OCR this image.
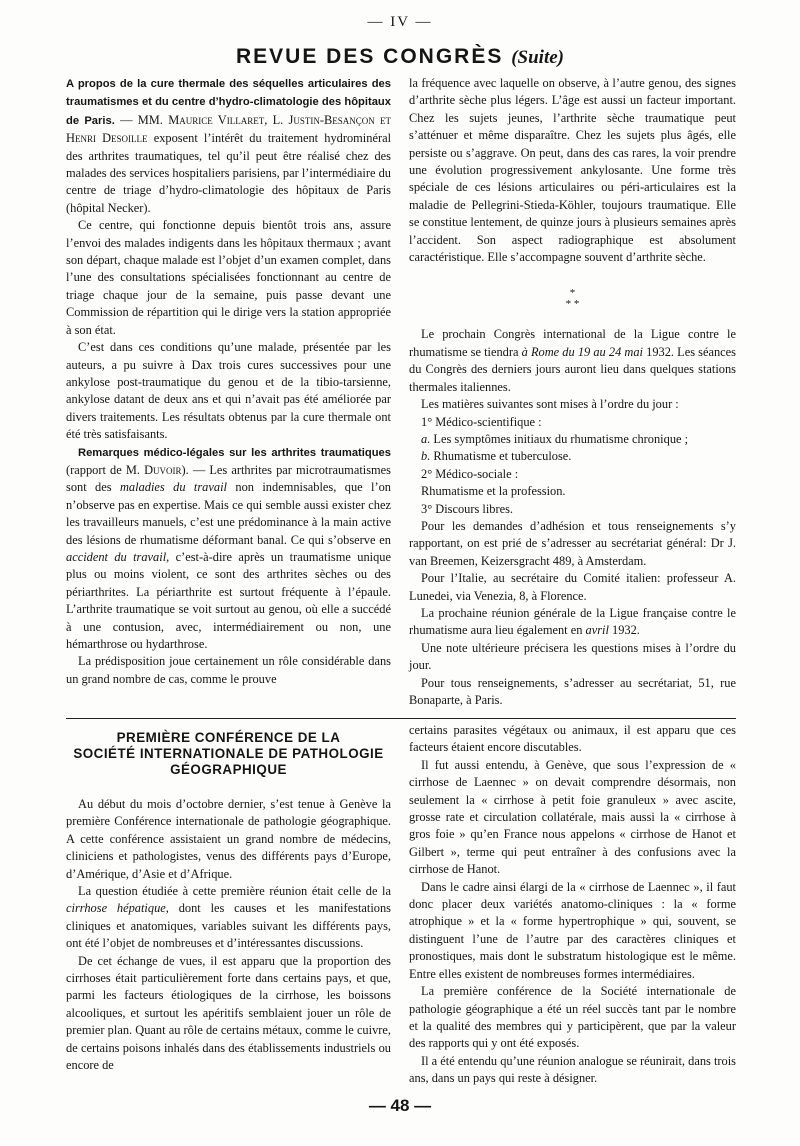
— IV —
REVUE DES CONGRÈS (Suite)

A propos de la cure thermale des séquelles articulaires des traumatismes et du centre d’hydro-climatologie des hôpitaux de Paris. — MM. Maurice Villaret, L. Justin-Besançon et Henri Desoille exposent l’intérêt du traitement hydrominéral des arthrites traumatiques, tel qu’il peut être réalisé chez des malades des services hospitaliers parisiens, par l’intermédiaire du centre de triage d’hydro-climatologie des hôpitaux de Paris (hôpital Necker).

Ce centre, qui fonctionne depuis bientôt trois ans, assure l’envoi des malades indigents dans les hôpitaux thermaux ; avant son départ, chaque malade est l’objet d’un examen complet, dans l’une des consultations spécialisées fonctionnant au centre de triage chaque jour de la semaine, puis passe devant une Commission de répartition qui le dirige vers la station appropriée à son état.

C’est dans ces conditions qu’une malade, présentée par les auteurs, a pu suivre à Dax trois cures successives pour une ankylose post-traumatique du genou et de la tibio-tarsienne, ankylose datant de deux ans et qui n’avait pas été améliorée par divers traitements. Les résultats obtenus par la cure thermale ont été très satisfaisants.

Remarques médico-légales sur les arthrites traumatiques (rapport de M. Duvoir). — Les arthrites par microtraumatismes sont des maladies du travail non indemnisables, que l’on n’observe pas en expertise. Mais ce qui semble aussi exister chez les travailleurs manuels, c’est une prédominance à la main active des lésions de rhumatisme déformant banal. Ce qui s’observe en accident du travail, c’est-à-dire après un traumatisme unique plus ou moins violent, ce sont des arthrites sèches ou des périarthrites. La périarthrite est surtout fréquente à l’épaule. L’arthrite traumatique se voit surtout au genou, où elle a succédé à une contusion, avec, intermédiairement ou non, une hémarthrose ou hydarthrose.

La prédisposition joue certainement un rôle considérable dans un grand nombre de cas, comme le prouve

la fréquence avec laquelle on observe, à l’autre genou, des signes d’arthrite sèche plus légers. L’âge est aussi un facteur important. Chez les sujets jeunes, l’arthrite sèche traumatique peut s’atténuer et même disparaître. Chez les sujets plus âgés, elle persiste ou s’aggrave. On peut, dans des cas rares, la voir prendre une évolution progressivement ankylosante. Une forme très spéciale de ces lésions articulaires ou péri-articulaires est la maladie de Pellegrini-Stieda-Köhler, toujours traumatique. Elle se constitue lentement, de quinze jours à plusieurs semaines après l’accident. Son aspect radiographique est absolument caractéristique. Elle s’accompagne souvent d’arthrite sèche.

*
* *

Le prochain Congrès international de la Ligue contre le rhumatisme se tiendra à Rome du 19 au 24 mai 1932. Les séances du Congrès des derniers jours auront lieu dans quelques stations thermales italiennes.

Les matières suivantes sont mises à l’ordre du jour :

1° Médico-scientifique :

a. Les symptômes initiaux du rhumatisme chronique ;

b. Rhumatisme et tuberculose.

2° Médico-sociale :

Rhumatisme et la profession.

3° Discours libres.

Pour les demandes d’adhésion et tous renseignements s’y rapportant, on est prié de s’adresser au secrétariat général: Dr J. van Breemen, Keizersgracht 489, à Amsterdam.

Pour l’Italie, au secrétaire du Comité italien: professeur A. Lunedei, via Venezia, 8, à Florence.

La prochaine réunion générale de la Ligue française contre le rhumatisme aura lieu également en avril 1932.

Une note ultérieure précisera les questions mises à l’ordre du jour.

Pour tous renseignements, s’adresser au secrétariat, 51, rue Bonaparte, à Paris.

PREMIÈRE CONFÉRENCE DE LA
SOCIÉTÉ INTERNATIONALE DE PATHOLOGIE
GÉOGRAPHIQUE

Au début du mois d’octobre dernier, s’est tenue à Genève la première Conférence internationale de pathologie géographique. A cette conférence assistaient un grand nombre de médecins, cliniciens et pathologistes, venus des différents pays d’Europe, d’Amérique, d’Asie et d’Afrique.

La question étudiée à cette première réunion était celle de la cirrhose hépatique, dont les causes et les manifestations cliniques et anatomiques, variables suivant les différents pays, ont été l’objet de nombreuses et d’intéressantes discussions.

De cet échange de vues, il est apparu que la proportion des cirrhoses était particulièrement forte dans certains pays, et que, parmi les facteurs étiologiques de la cirrhose, les boissons alcooliques, et surtout les apéritifs semblaient jouer un rôle de premier plan. Quant au rôle de certains métaux, comme le cuivre, de certains poisons inhalés dans des établissements industriels ou encore de

certains parasites végétaux ou animaux, il est apparu que ces facteurs étaient encore discutables.

Il fut aussi entendu, à Genève, que sous l’expression de « cirrhose de Laennec » on devait comprendre désormais, non seulement la « cirrhose à petit foie granuleux » avec ascite, grosse rate et circulation collatérale, mais aussi la « cirrhose à gros foie » qu’en France nous appelons « cirrhose de Hanot et Gilbert », terme qui peut entraîner à des confusions avec la cirrhose de Hanot.

Dans le cadre ainsi élargi de la « cirrhose de Laennec », il faut donc placer deux variétés anatomo-cliniques : la « forme atrophique » et la « forme hypertrophique » qui, souvent, se distinguent l’une de l’autre par des caractères cliniques et pronostiques, mais dont le substratum histologique est le même. Entre elles existent de nombreuses formes intermédiaires.

La première conférence de la Société internationale de pathologie géographique a été un réel succès tant par le nombre et la qualité des membres qui y participèrent, que par la valeur des rapports qui y ont été exposés.

Il a été entendu qu’une réunion analogue se réunirait, dans trois ans, dans un pays qui reste à désigner.

— 48 —
